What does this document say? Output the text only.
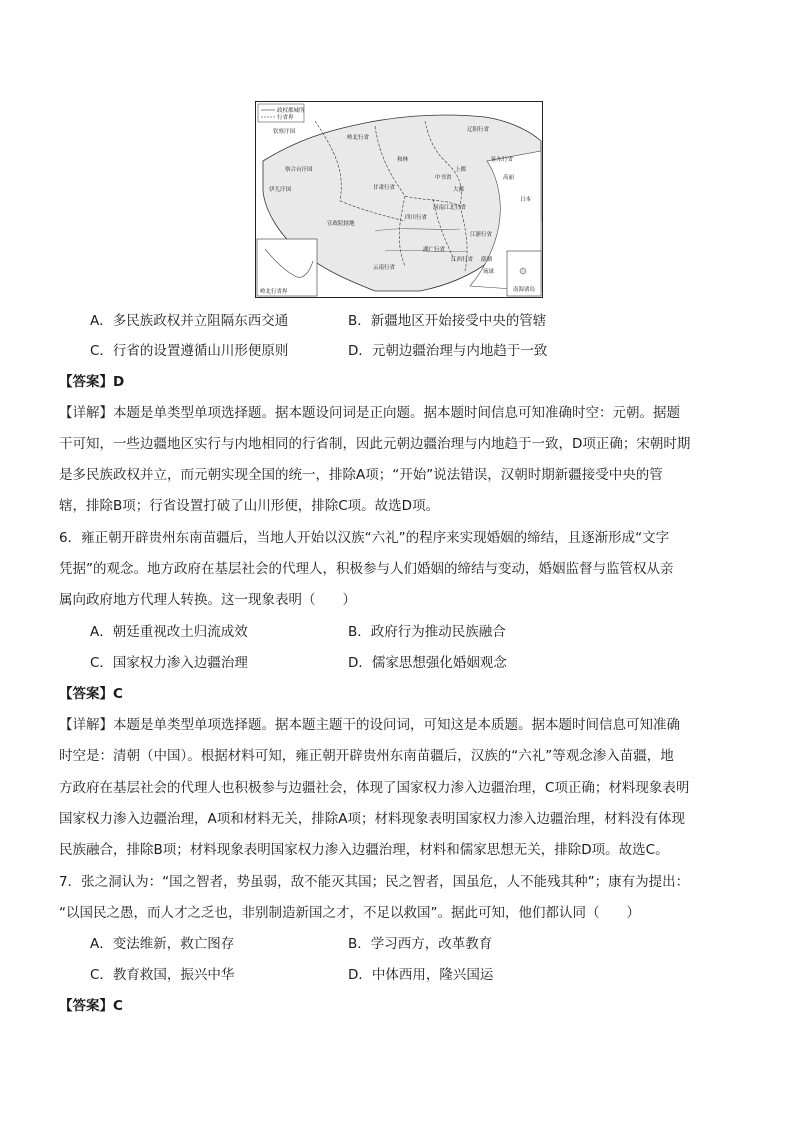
政权都城所
行省界
钦察汗国
岭北行省
伊儿汗国
察合台汗国
辽阳行省
甘肃行省
中书省
宣政院辖地
四川行省
河南江北行省
江浙行省
湖广行省
江西行省
云南行省
大都
高丽
日本
征东行省
和林
上都
澎湖
琉球
南海诸岛
岭北行省界
A．多民族政权并立阻隔东西交通	B．新疆地区开始接受中央的管辖
C．行省的设置遵循山川形便原则	D．元朝边疆治理与内地趋于一致
【答案】D
【详解】本题是单类型单项选择题。据本题设问词是正向题。据本题时间信息可知准确时空：元朝。据题
干可知，一些边疆地区实行与内地相同的行省制，因此元朝边疆治理与内地趋于一致，D项正确；宋朝时期
是多民族政权并立，而元朝实现全国的统一，排除A项；“开始”说法错误，汉朝时期新疆接受中央的管
辖，排除B项；行省设置打破了山川形便，排除C项。故选D项。
6．雍正朝开辟贵州东南苗疆后，当地人开始以汉族“六礼”的程序来实现婚姻的缔结，且逐渐形成“文字
凭据”的观念。地方政府在基层社会的代理人，积极参与人们婚姻的缔结与变动，婚姻监督与监管权从亲
属向政府地方代理人转换。这一现象表明（　　）
A．朝廷重视改土归流成效	B．政府行为推动民族融合
C．国家权力渗入边疆治理	D．儒家思想强化婚姻观念
【答案】C
【详解】本题是单类型单项选择题。据本题主题干的设问词，可知这是本质题。据本题时间信息可知准确
时空是：清朝（中国）。根据材料可知，雍正朝开辟贵州东南苗疆后，汉族的“六礼”等观念渗入苗疆，地
方政府在基层社会的代理人也积极参与边疆社会，体现了国家权力渗入边疆治理，C项正确；材料现象表明
国家权力渗入边疆治理，A项和材料无关，排除A项；材料现象表明国家权力渗入边疆治理，材料没有体现
民族融合，排除B项；材料现象表明国家权力渗入边疆治理，材料和儒家思想无关，排除D项。故选C。
7．张之洞认为：“国之智者，势虽弱，敌不能灭其国；民之智者，国虽危，人不能残其种”；康有为提出：
“以国民之愚，而人才之乏也，非别制造新国之才，不足以救国”。据此可知，他们都认同（　　）
A．变法维新，救亡图存	B．学习西方，改革教育
C．教育救国，振兴中华	D．中体西用，隆兴国运
【答案】C
